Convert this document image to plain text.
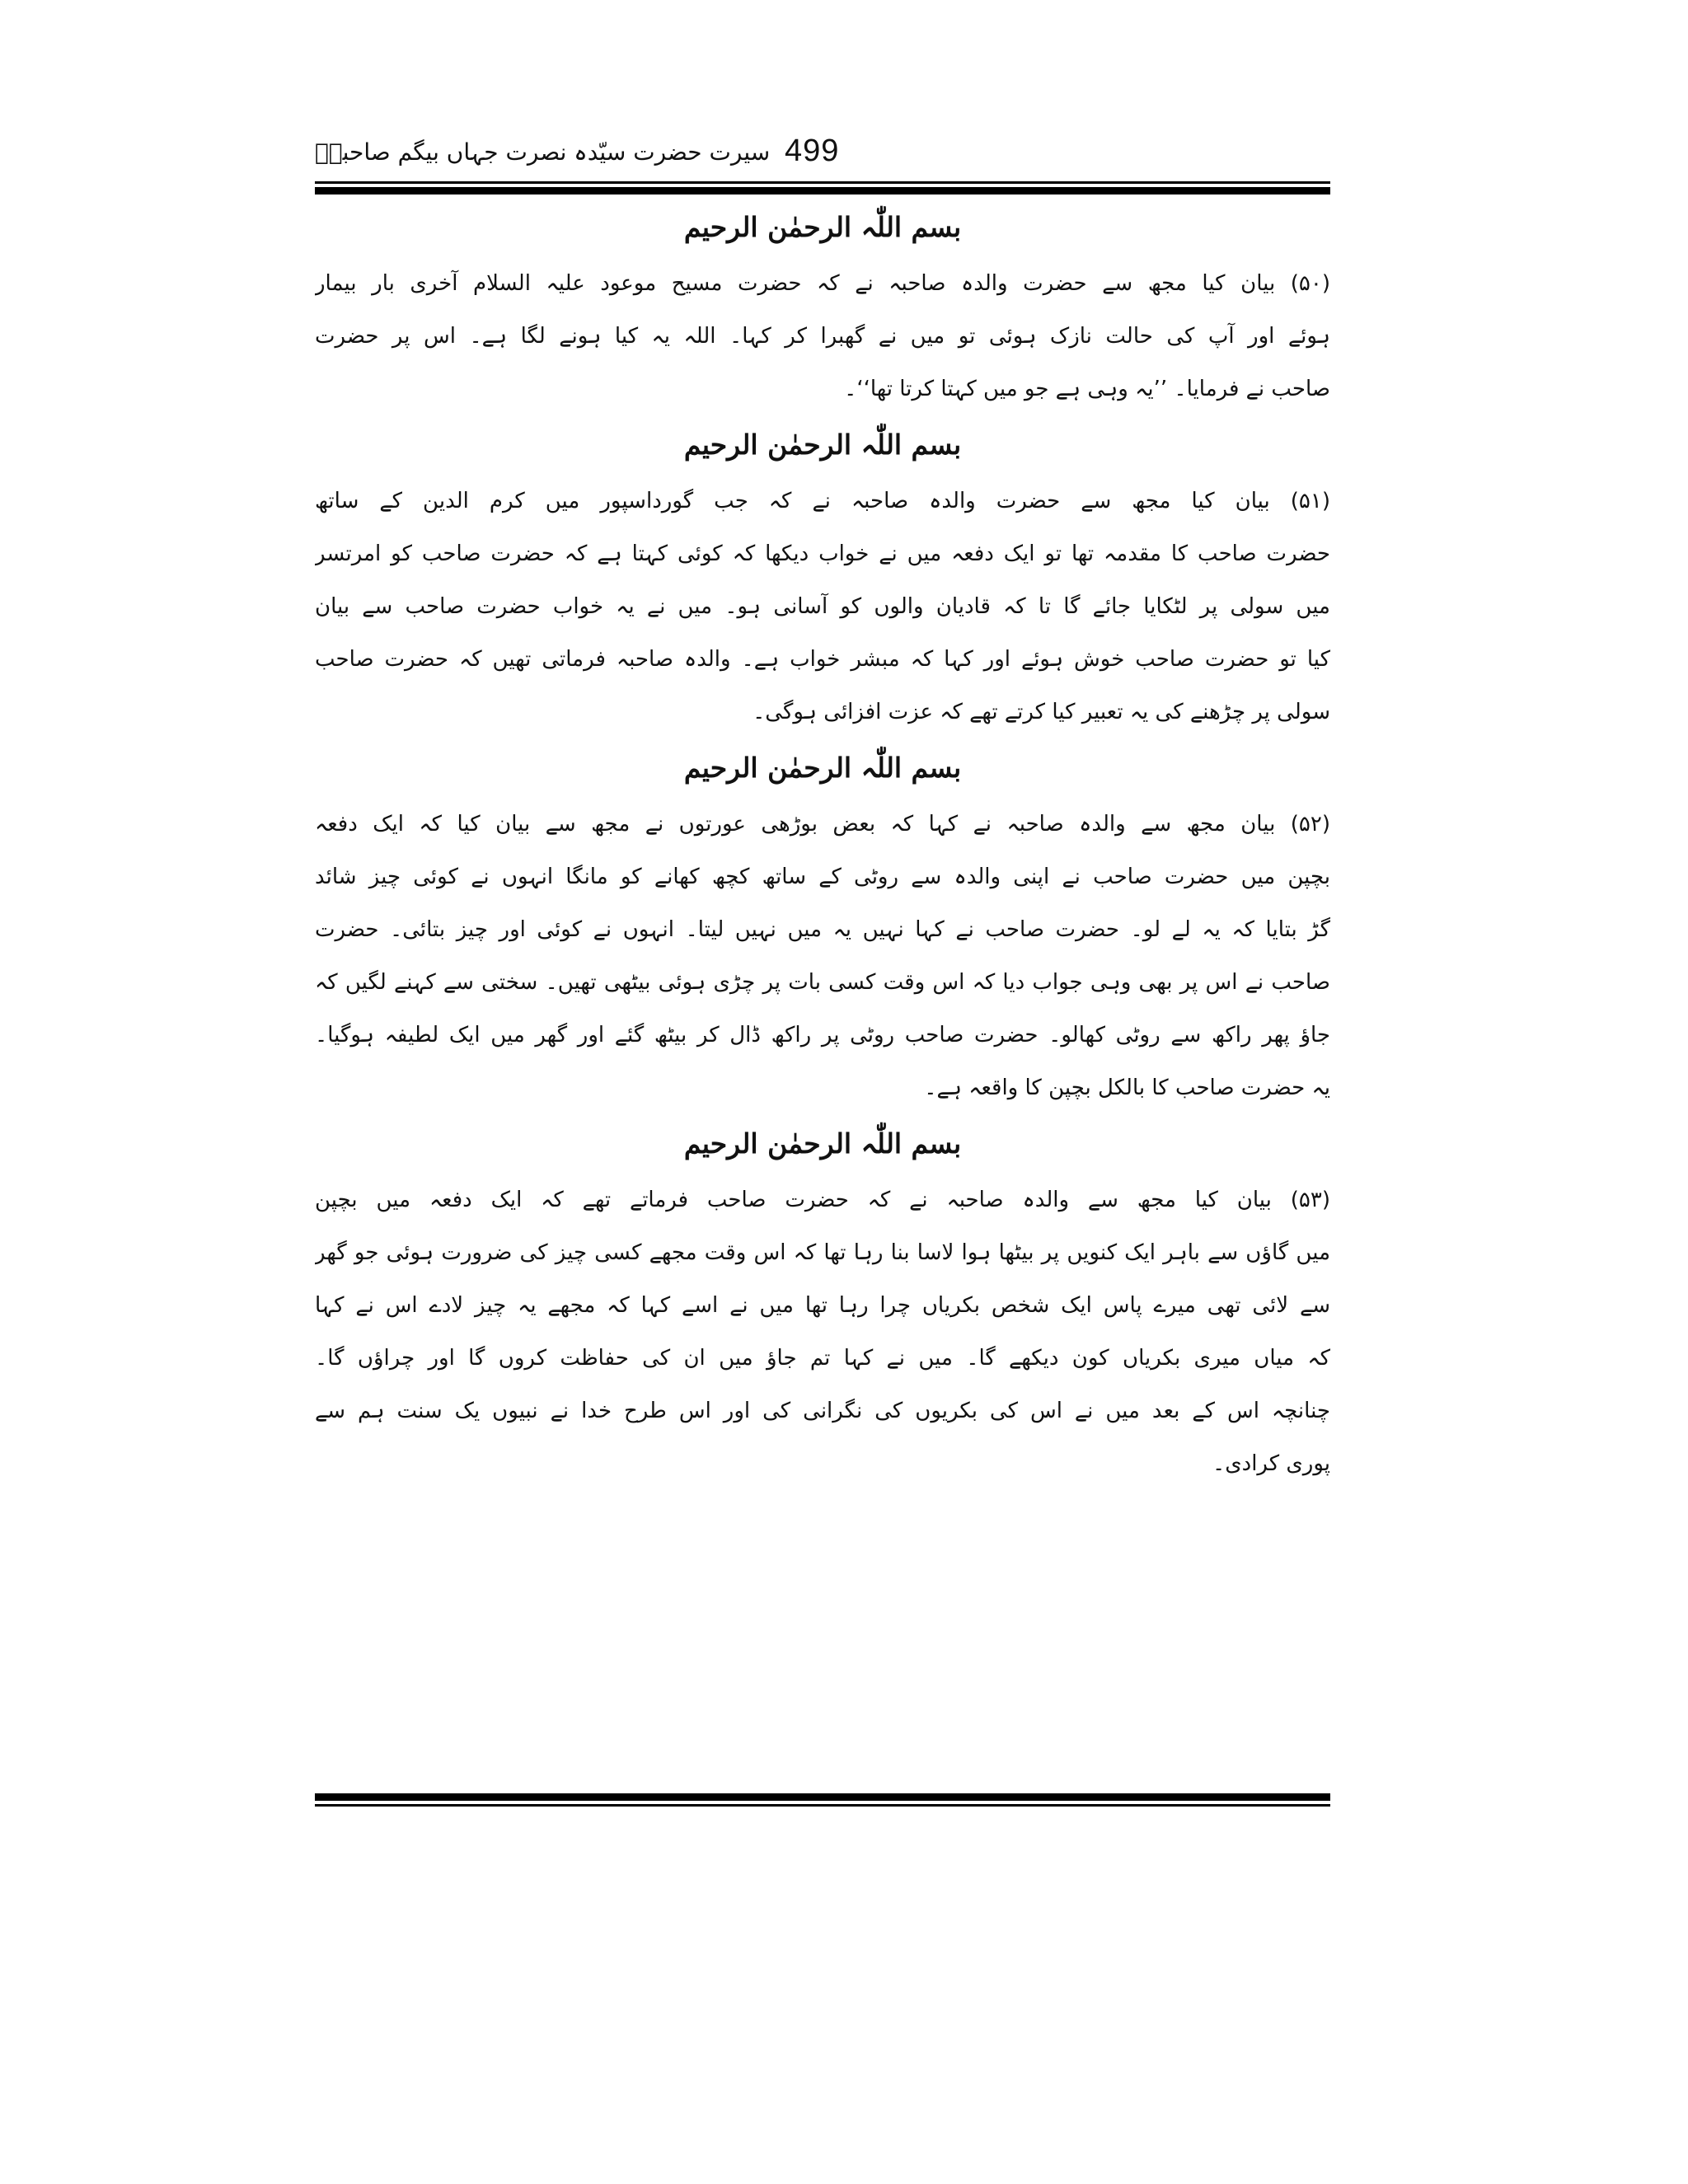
سیرت حضرت سیّدہ نصرت جہاں بیگم صاحبہؓ 499
بسم اللّٰہ الرحمٰن الرحیم
(۵۰) بیان کیا مجھ سے حضرت والدہ صاحبہ نے کہ حضرت مسیح موعود علیہ السلام آخری بار بیمار
ہوئے اور آپ کی حالت نازک ہوئی تو میں نے گھبرا کر کہا۔ اللہ یہ کیا ہونے لگا ہے۔ اس پر حضرت
صاحب نے فرمایا۔ ’’یہ وہی ہے جو میں کہتا کرتا تھا‘‘۔
بسم اللّٰہ الرحمٰن الرحیم
(۵۱) بیان کیا مجھ سے حضرت والدہ صاحبہ نے کہ جب گورداسپور میں کرم الدین کے ساتھ
حضرت صاحب کا مقدمہ تھا تو ایک دفعہ میں نے خواب دیکھا کہ کوئی کہتا ہے کہ حضرت صاحب کو امرتسر
میں سولی پر لٹکایا جائے گا تا کہ قادیان والوں کو آسانی ہو۔ میں نے یہ خواب حضرت صاحب سے بیان
کیا تو حضرت صاحب خوش ہوئے اور کہا کہ مبشر خواب ہے۔ والدہ صاحبہ فرماتی تھیں کہ حضرت صاحب
سولی پر چڑھنے کی یہ تعبیر کیا کرتے تھے کہ عزت افزائی ہوگی۔
بسم اللّٰہ الرحمٰن الرحیم
(۵۲) بیان مجھ سے والدہ صاحبہ نے کہا کہ بعض بوڑھی عورتوں نے مجھ سے بیان کیا کہ ایک دفعہ
بچپن میں حضرت صاحب نے اپنی والدہ سے روٹی کے ساتھ کچھ کھانے کو مانگا انہوں نے کوئی چیز شائد
گڑ بتایا کہ یہ لے لو۔ حضرت صاحب نے کہا نہیں یہ میں نہیں لیتا۔ انہوں نے کوئی اور چیز بتائی۔ حضرت
صاحب نے اس پر بھی وہی جواب دیا کہ اس وقت کسی بات پر چڑی ہوئی بیٹھی تھیں۔ سختی سے کہنے لگیں کہ
جاؤ پھر راکھ سے روٹی کھالو۔ حضرت صاحب روٹی پر راکھ ڈال کر بیٹھ گئے اور گھر میں ایک لطیفہ ہوگیا۔
یہ حضرت صاحب کا بالکل بچپن کا واقعہ ہے۔
بسم اللّٰہ الرحمٰن الرحیم
(۵۳) بیان کیا مجھ سے والدہ صاحبہ نے کہ حضرت صاحب فرماتے تھے کہ ایک دفعہ میں بچپن
میں گاؤں سے باہر ایک کنویں پر بیٹھا ہوا لاسا بنا رہا تھا کہ اس وقت مجھے کسی چیز کی ضرورت ہوئی جو گھر
سے لائی تھی میرے پاس ایک شخص بکریاں چرا رہا تھا میں نے اسے کہا کہ مجھے یہ چیز لادے اس نے کہا
کہ میاں میری بکریاں کون دیکھے گا۔ میں نے کہا تم جاؤ میں ان کی حفاظت کروں گا اور چراؤں گا۔
چنانچہ اس کے بعد میں نے اس کی بکریوں کی نگرانی کی اور اس طرح خدا نے نبیوں یک سنت ہم سے
پوری کرادی۔
